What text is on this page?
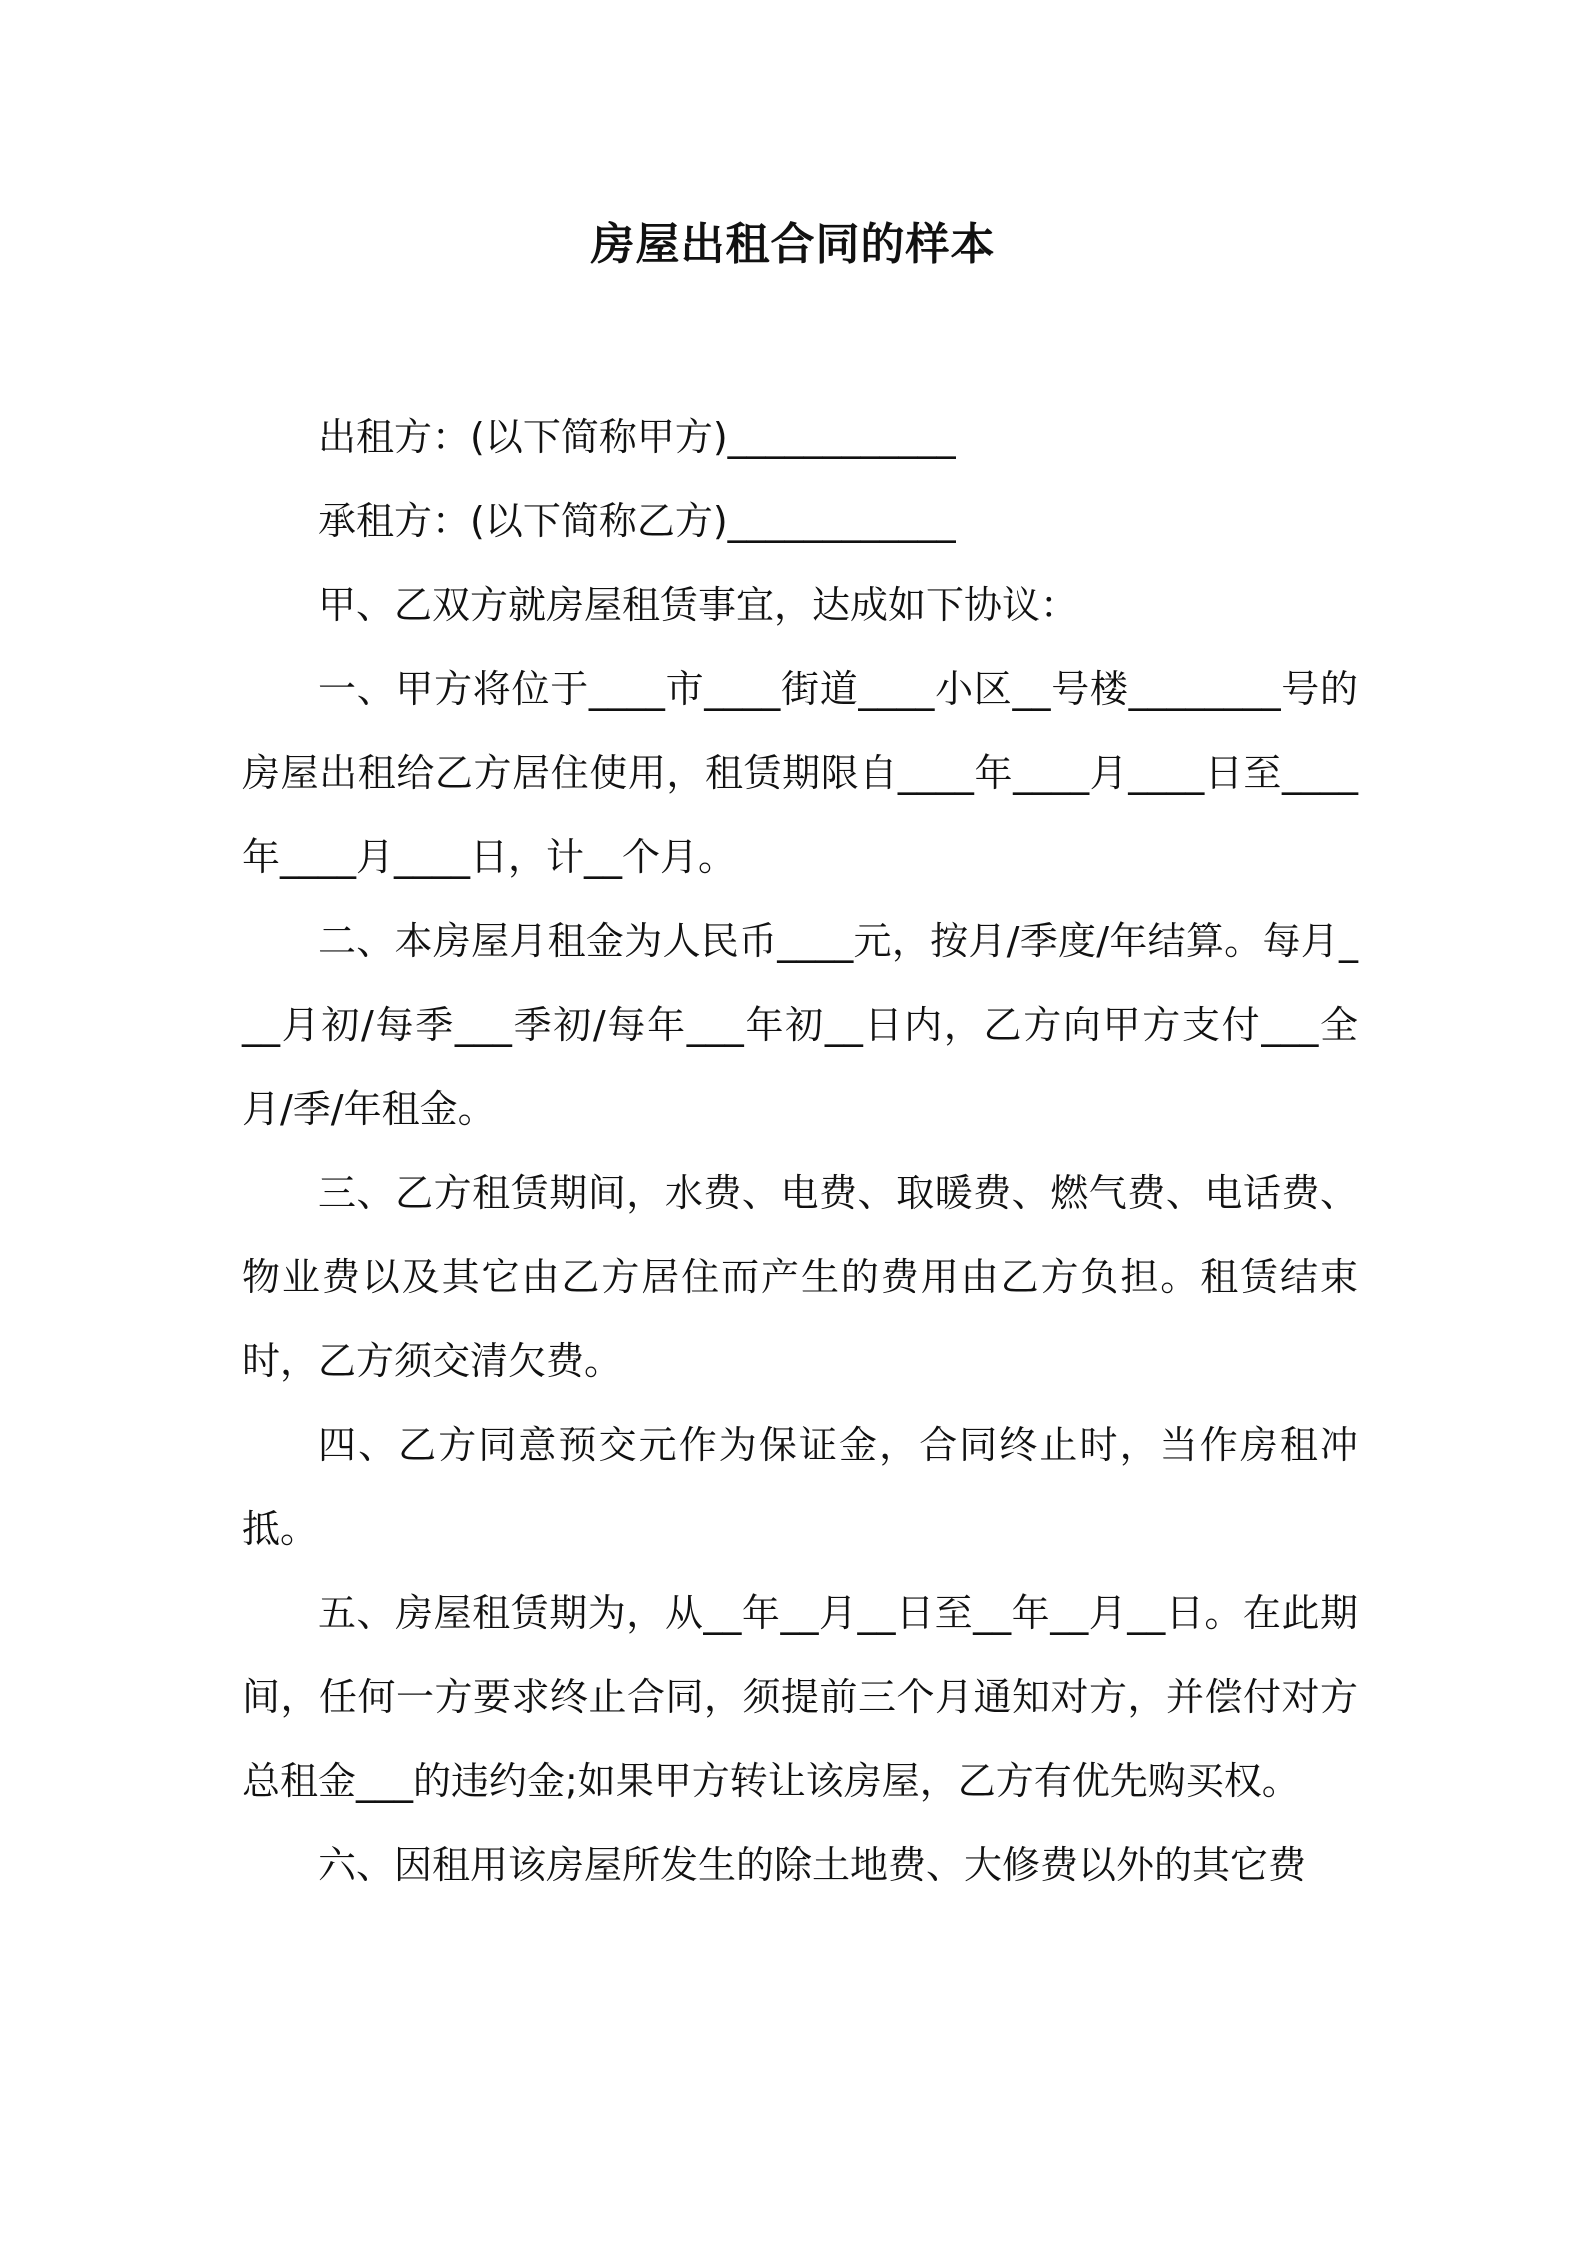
房屋出租合同的样本

出租方：(以下简称甲方)____________

承租方：(以下简称乙方)____________

甲、乙双方就房屋租赁事宜，达成如下协议：

一、甲方将位于____市____街道____小区__号楼________号的房屋出租给乙方居住使用，租赁期限自____年____月____日至____年____月____日，计__个月。

二、本房屋月租金为人民币____元，按月/季度/年结算。每月___月初/每季___季初/每年___年初__日内，乙方向甲方支付___全月/季/年租金。

三、乙方租赁期间，水费、电费、取暖费、燃气费、电话费、物业费以及其它由乙方居住而产生的费用由乙方负担。租赁结束时，乙方须交清欠费。

四、乙方同意预交元作为保证金，合同终止时，当作房租冲抵。

五、房屋租赁期为，从__年__月__日至__年__月__日。在此期间，任何一方要求终止合同，须提前三个月通知对方，并偿付对方总租金___的违约金;如果甲方转让该房屋，乙方有优先购买权。

六、因租用该房屋所发生的除土地费、大修费以外的其它费
